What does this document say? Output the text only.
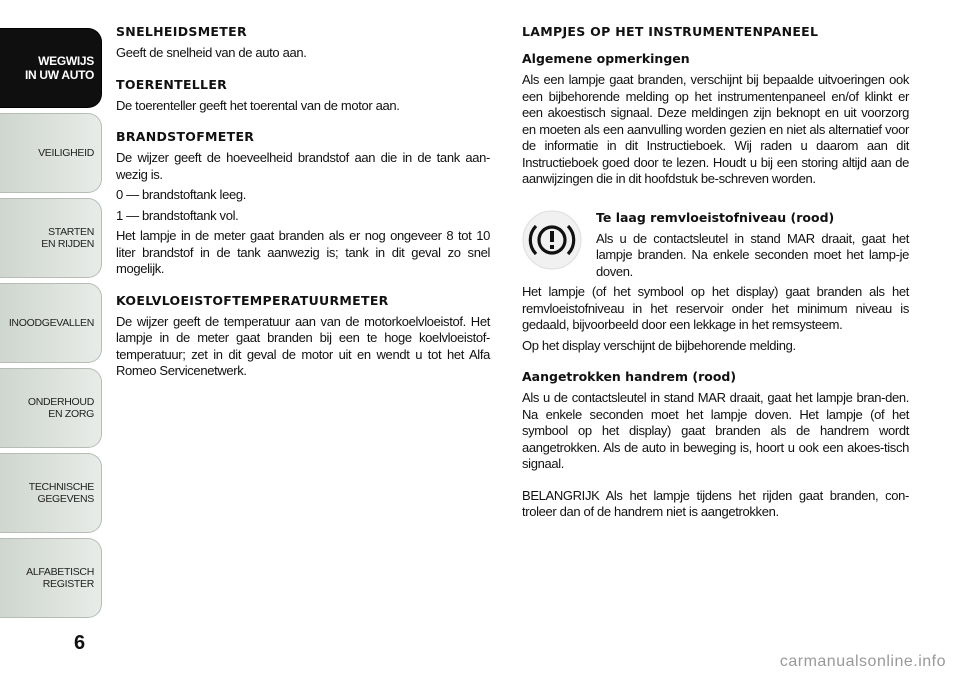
WEGWIJS
IN UW AUTO
VEILIGHEID
STARTEN
EN RIJDEN
INOODGEVALLEN
ONDERHOUD
EN ZORG
TECHNISCHE
GEGEVENS
ALFABETISCH
REGISTER
6
SNELHEIDSMETER

Geeft de snelheid van de auto aan.

TOERENTELLER

De toerenteller geeft het toerental van de motor aan.

BRANDSTOFMETER

De wijzer geeft de hoeveelheid brandstof aan die in de tank aan-wezig is.

0 — brandstoftank leeg.

1 — brandstoftank vol.

Het lampje in de meter gaat branden als er nog ongeveer 8 tot 10 liter brandstof in de tank aanwezig is; tank in dit geval zo snel mogelijk.

KOELVLOEISTOFTEMPERATUURMETER

De wijzer geeft de temperatuur aan van de motorkoelvloeistof. Het lampje in de meter gaat branden bij een te hoge koelvloeistof-temperatuur; zet in dit geval de motor uit en wendt u tot het Alfa Romeo Servicenetwerk.

LAMPJES OP HET INSTRUMENTENPANEEL
Algemene opmerkingen

Als een lampje gaat branden, verschijnt bij bepaalde uitvoeringen ook een bijbehorende melding op het instrumentenpaneel en/of klinkt er een akoestisch signaal. Deze meldingen zijn beknopt en uit voorzorg en moeten als een aanvulling worden gezien en niet als alternatief voor de informatie in dit Instructieboek. Wij raden u daarom aan dit Instructieboek goed door te lezen. Houdt u bij een storing altijd aan de aanwijzingen die in dit hoofdstuk be-schreven worden.

Te laag remvloeistofniveau (rood)

Als u de contactsleutel in stand MAR draait, gaat het lampje branden. Na enkele seconden moet het lamp-je doven.

Het lampje (of het symbool op het display) gaat branden als het remvloeistofniveau in het reservoir onder het minimum niveau is gedaald, bijvoorbeeld door een lekkage in het remsysteem.

Op het display verschijnt de bijbehorende melding.

Aangetrokken handrem (rood)

Als u de contactsleutel in stand MAR draait, gaat het lampje bran-den. Na enkele seconden moet het lampje doven. Het lampje (of het symbool op het display) gaat branden als de handrem wordt aangetrokken. Als de auto in beweging is, hoort u ook een akoes-tisch signaal.

BELANGRIJK Als het lampje tijdens het rijden gaat branden, con-troleer dan of de handrem niet is aangetrokken.

carmanualsonline.info
